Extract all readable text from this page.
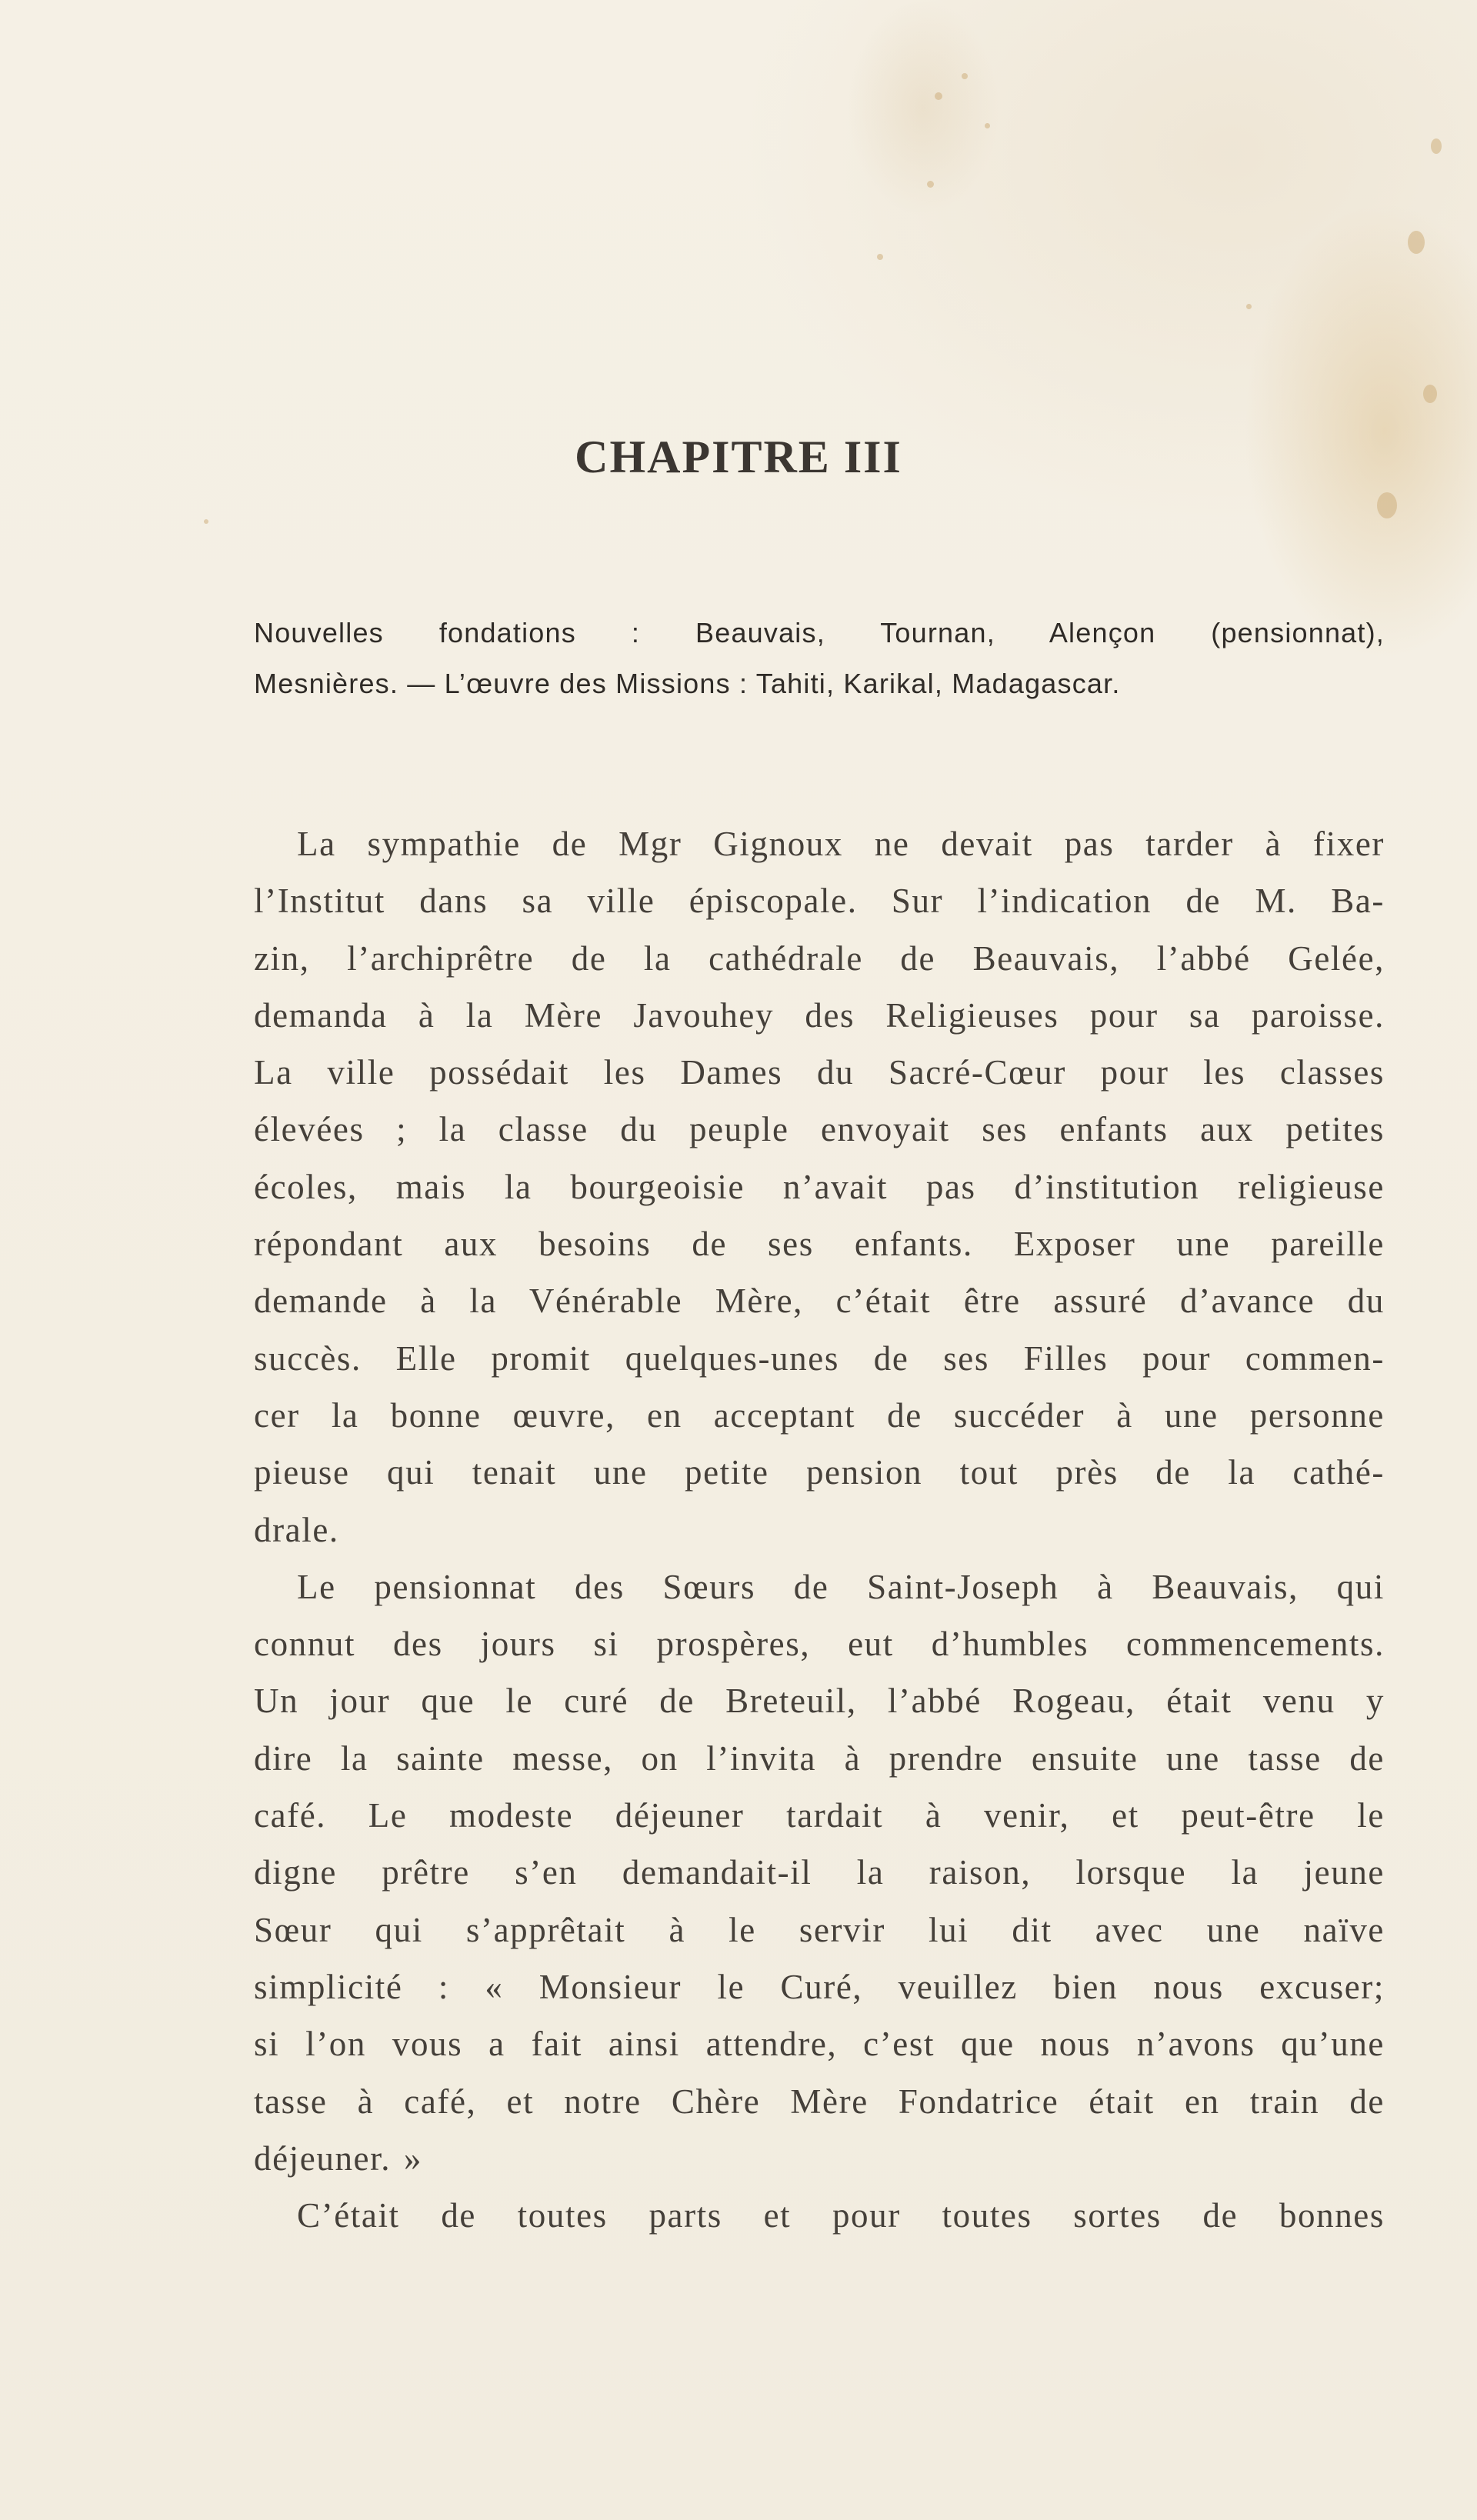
CHAPITRE III
Nouvelles fondations : Beauvais, Tournan, Alençon (pensionnat),
Mesnières. — L’œuvre des Missions : Tahiti, Karikal, Madagascar.
La sympathie de Mgr Gignoux ne devait pas tarder à fixer
l’Institut dans sa ville épiscopale. Sur l’indication de M. Ba-
zin, l’archiprêtre de la cathédrale de Beauvais, l’abbé Gelée,
demanda à la Mère Javouhey des Religieuses pour sa paroisse.
La ville possédait les Dames du Sacré-Cœur pour les classes
élevées ; la classe du peuple envoyait ses enfants aux petites
écoles, mais la bourgeoisie n’avait pas d’institution religieuse
répondant aux besoins de ses enfants. Exposer une pareille
demande à la Vénérable Mère, c’était être assuré d’avance du
succès. Elle promit quelques-unes de ses Filles pour commen-
cer la bonne œuvre, en acceptant de succéder à une personne
pieuse qui tenait une petite pension tout près de la cathé-
drale.
Le pensionnat des Sœurs de Saint-Joseph à Beauvais, qui
connut des jours si prospères, eut d’humbles commencements.
Un jour que le curé de Breteuil, l’abbé Rogeau, était venu y
dire la sainte messe, on l’invita à prendre ensuite une tasse de
café. Le modeste déjeuner tardait à venir, et peut-être le
digne prêtre s’en demandait-il la raison, lorsque la jeune
Sœur qui s’apprêtait à le servir lui dit avec une naïve
simplicité : « Monsieur le Curé, veuillez bien nous excuser;
si l’on vous a fait ainsi attendre, c’est que nous n’avons qu’une
tasse à café, et notre Chère Mère Fondatrice était en train de
déjeuner. »
C’était de toutes parts et pour toutes sortes de bonnes
